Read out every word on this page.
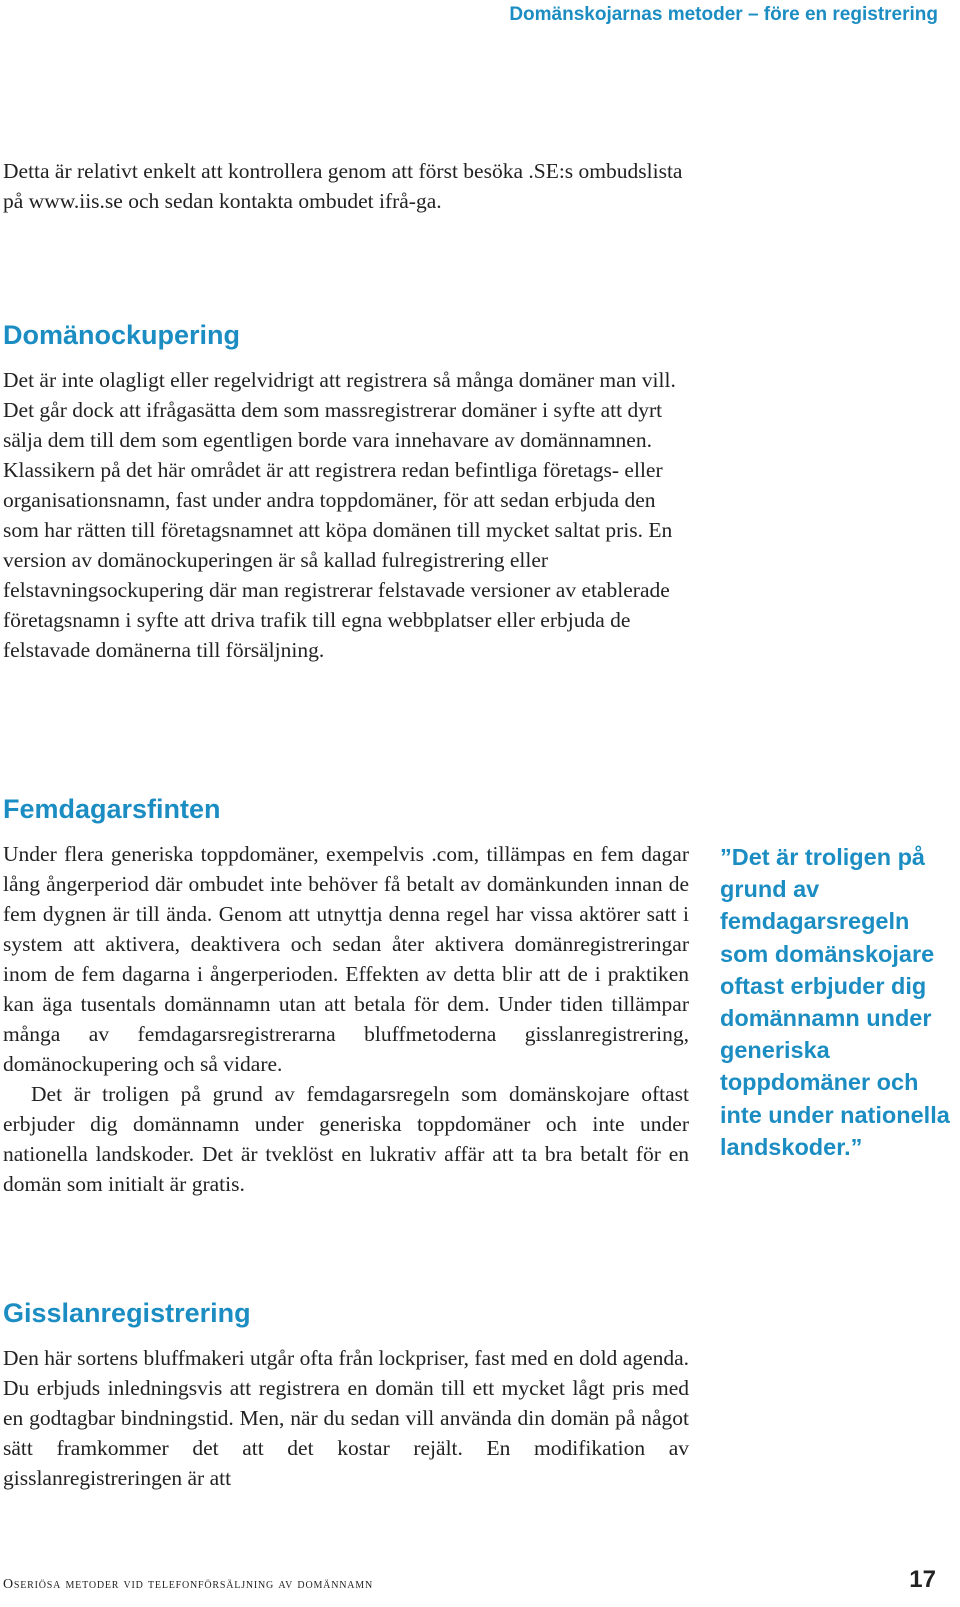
Domänskojarnas metoder – före en registrering

Detta är relativt enkelt att kontrollera genom att först besöka .SE:s ombudslista på www.iis.se och sedan kontakta ombudet ifrå-ga.

Domänockupering

Det är inte olagligt eller regelvidrigt att registrera så många domäner man vill. Det går dock att ifrågasätta dem som massregistrerar domäner i syfte att dyrt sälja dem till dem som egentligen borde vara innehavare av domännamnen. Klassikern på det här området är att registrera redan befintliga företags- eller organisationsnamn, fast under andra toppdomäner, för att sedan erbjuda den som har rätten till företagsnamnet att köpa domänen till mycket saltat pris. En version av domänockuperingen är så kallad fulregistrering eller felstavningsockupering där man registrerar felstavade versioner av etablerade företagsnamn i syfte att driva trafik till egna webbplatser eller erbjuda de felstavade domänerna till försäljning.

Femdagarsfinten

Under flera generiska toppdomäner, exempelvis .com, tillämpas en fem dagar lång ångerperiod där ombudet inte behöver få betalt av domänkunden innan de fem dygnen är till ända. Genom att utnyttja denna regel har vissa aktörer satt i system att aktivera, deaktivera och sedan åter aktivera domänregistreringar inom de fem dagarna i ångerperioden. Effekten av detta blir att de i praktiken kan äga tusentals domännamn utan att betala för dem. Under tiden tillämpar många av femdagarsregistrerarna bluffmetoderna gisslanregistrering, domänockupering och så vidare.

Det är troligen på grund av femdagarsregeln som domänskojare oftast erbjuder dig domännamn under generiska toppdomäner och inte under nationella landskoder. Det är tveklöst en lukrativ affär att ta bra betalt för en domän som initialt är gratis.

”Det är troligen på grund av femdagarsregeln som domänskojare oftast erbjuder dig domännamn under generiska toppdomäner och inte under nationella landskoder.”

Gisslanregistrering

Den här sortens bluffmakeri utgår ofta från lockpriser, fast med en dold agenda. Du erbjuds inledningsvis att registrera en domän till ett mycket lågt pris med en godtagbar bindningstid. Men, när du sedan vill använda din domän på något sätt framkommer det att det kostar rejält. En modifikation av gisslanregistreringen är att

Oseriösa metoder vid telefonförsäljning av domännamn	17
